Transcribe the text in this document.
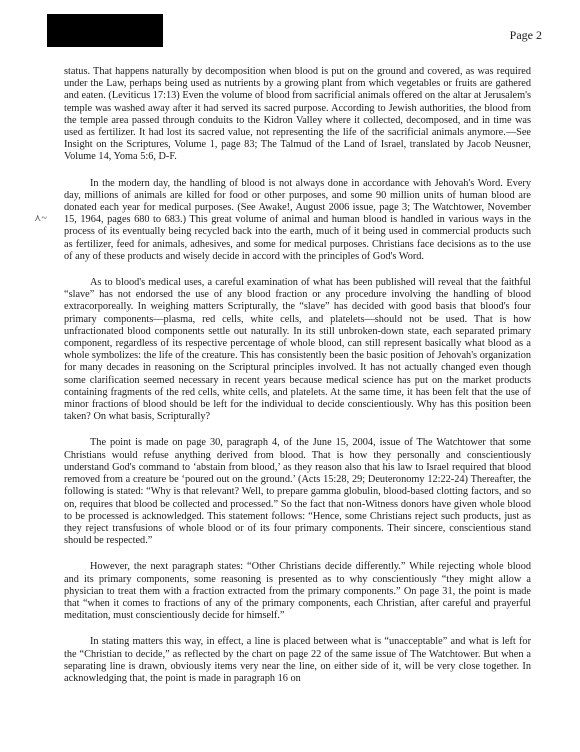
Page 2
⋏~

status. That happens naturally by decomposition when blood is put on the ground and covered, as was required under the Law, perhaps being used as nutrients by a growing plant from which vegetables or fruits are gathered and eaten. (Leviticus 17:13) Even the volume of blood from sacrificial animals offered on the altar at Jerusalem's temple was washed away after it had served its sacred purpose. According to Jewish authorities, the blood from the temple area passed through conduits to the Kidron Valley where it collected, decomposed, and in time was used as fertilizer. It had lost its sacred value, not representing the life of the sacrificial animals anymore.—See Insight on the Scriptures, Volume 1, page 83; The Talmud of the Land of Israel, translated by Jacob Neusner, Volume 14, Yoma 5:6, D-F.

In the modern day, the handling of blood is not always done in accordance with Jehovah's Word. Every day, millions of animals are killed for food or other purposes, and some 90 million units of human blood are donated each year for medical purposes. (See Awake!, August 2006 issue, page 3; The Watchtower, November 15, 1964, pages 680 to 683.) This great volume of animal and human blood is handled in various ways in the process of its eventually being recycled back into the earth, much of it being used in commercial products such as fertilizer, feed for animals, adhesives, and some for medical purposes. Christians face decisions as to the use of any of these products and wisely decide in accord with the principles of God's Word.

As to blood's medical uses, a careful examination of what has been published will reveal that the faithful “slave” has not endorsed the use of any blood fraction or any procedure involving the handling of blood extracorporeally. In weighing matters Scripturally, the “slave” has decided with good basis that blood's four primary components—plasma, red cells, white cells, and platelets—should not be used. That is how unfractionated blood components settle out naturally. In its still unbroken-down state, each separated primary component, regardless of its respective percentage of whole blood, can still represent basically what blood as a whole symbolizes: the life of the creature. This has consistently been the basic position of Jehovah's organization for many decades in reasoning on the Scriptural principles involved. It has not actually changed even though some clarification seemed necessary in recent years because medical science has put on the market products containing fragments of the red cells, white cells, and platelets. At the same time, it has been felt that the use of minor fractions of blood should be left for the individual to decide conscientiously. Why has this position been taken? On what basis, Scripturally?

The point is made on page 30, paragraph 4, of the June 15, 2004, issue of The Watchtower that some Christians would refuse anything derived from blood. That is how they personally and conscientiously understand God's command to ‘abstain from blood,’ as they reason also that his law to Israel required that blood removed from a creature be ‘poured out on the ground.’ (Acts 15:28, 29; Deuteronomy 12:22-24) Thereafter, the following is stated: “Why is that relevant? Well, to prepare gamma globulin, blood-based clotting factors, and so on, requires that blood be collected and processed.” So the fact that non-Witness donors have given whole blood to be processed is acknowledged. This statement follows: “Hence, some Christians reject such products, just as they reject transfusions of whole blood or of its four primary components. Their sincere, conscientious stand should be respected.”

However, the next paragraph states: “Other Christians decide differently.” While rejecting whole blood and its primary components, some reasoning is presented as to why conscientiously “they might allow a physician to treat them with a fraction extracted from the primary components.” On page 31, the point is made that “when it comes to fractions of any of the primary components, each Christian, after careful and prayerful meditation, must conscientiously decide for himself.”

In stating matters this way, in effect, a line is placed between what is “unacceptable” and what is left for the “Christian to decide,” as reflected by the chart on page 22 of the same issue of The Watchtower. But when a separating line is drawn, obviously items very near the line, on either side of it, will be very close together. In acknowledging that, the point is made in paragraph 16 on
